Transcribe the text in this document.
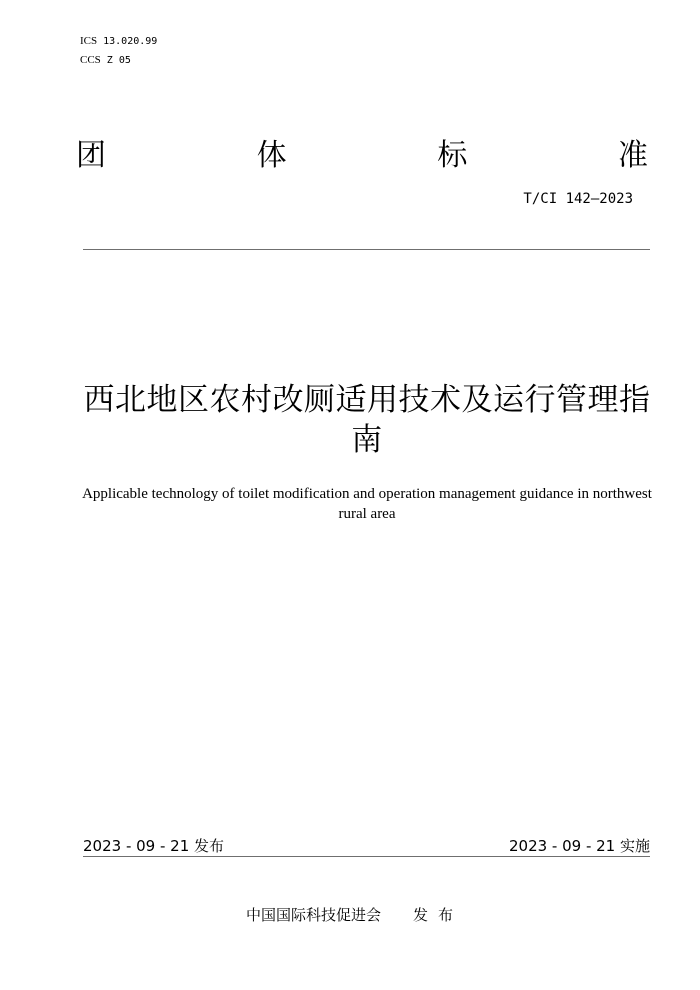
ICS 13.020.99
CCS Z 05
团	体	标	准
T/CI 142—2023
西北地区农村改厕适用技术及运行管理指南
Applicable technology of toilet modification and operation management guidance in northwest rural area
2023 - 09 - 21 发布	2023 - 09 - 21 实施
中国国际科技促进会 发布
